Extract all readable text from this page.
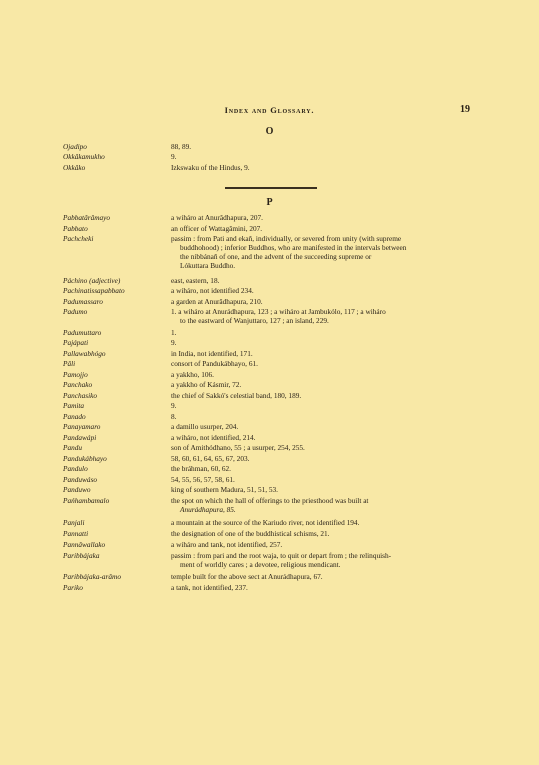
Index and Glossary.	19
O
Ojadipo	88, 89.
Okkâkamukho	9.
Okkâko	Izkswaku of the Hindus, 9.
P
Pabbatârâmayo	a wiháro at Anurâdhapura, 207.
Pabbato	an officer of Wattagâmini, 207.
Pachcheki	passim : from Pati and ekaň, individually, or severed from unity (with supreme
buddhohood) ; inferior Buddhos, who are manifested in the intervals between
the nibbánaň of one, and the advent of the succeeding supreme or
Lókuttara Buddho.
Páchino (adjective)	east, eastern, 18.
Pachinatissapabbato	a wiháro, not identified 234.
Padumassaro	a garden at Anurâdhapura, 210.
Padumo	1. a wiháro at Anurádhapura, 123 ; a wiháro at Jambukólo, 117 ; a wiháro
to the eastward of Wanjuttaro, 127 ; an island, 229.
Padumuttaro	1.
Pajápati	9.
Pallawabhógo	in India, not identified, 171.
Pâli	consort of Pandukábhayo, 61.
Pamojjo	a yakkho, 106.
Panchako	a yakkho of Kásmir, 72.
Panchasiko	the chief of Sakkó's celestial band, 180, 189.
Pamita	9.
Panado	8.
Panayamaro	a damillo usurper, 204.
Pandawápi	a wiháro, not identified, 214.
Pandu	son of Amithódhano, 55 ; a usurper, 254, 255.
Pandukábhayo	58, 60, 61, 64, 65, 67, 203.
Pandulo	the bráhman, 60, 62.
Panduwáso	54, 55, 56, 57, 58, 61.
Panduwo	king of southern Madura, 51, 51, 53.
Pańhambamalo	the spot on which the hall of offerings to the priesthood was built at
Anurádhapura, 85.
Panjali	a mountain at the source of the Kariudo river, not identified 194.
Pannatti	the designation of one of the buddhistical schisms, 21.
Pannâwallako	a wiháro and tank, not identified, 257.
Paribbájaka	passim : from pari and the root waja, to quit or depart from ; the relinquish-
ment of worldly cares ; a devotee, religious mendicant.
Paribbájaka-arâmo	temple built for the above sect at Anurádhapura, 67.
Pariko	a tank, not identified, 237.
